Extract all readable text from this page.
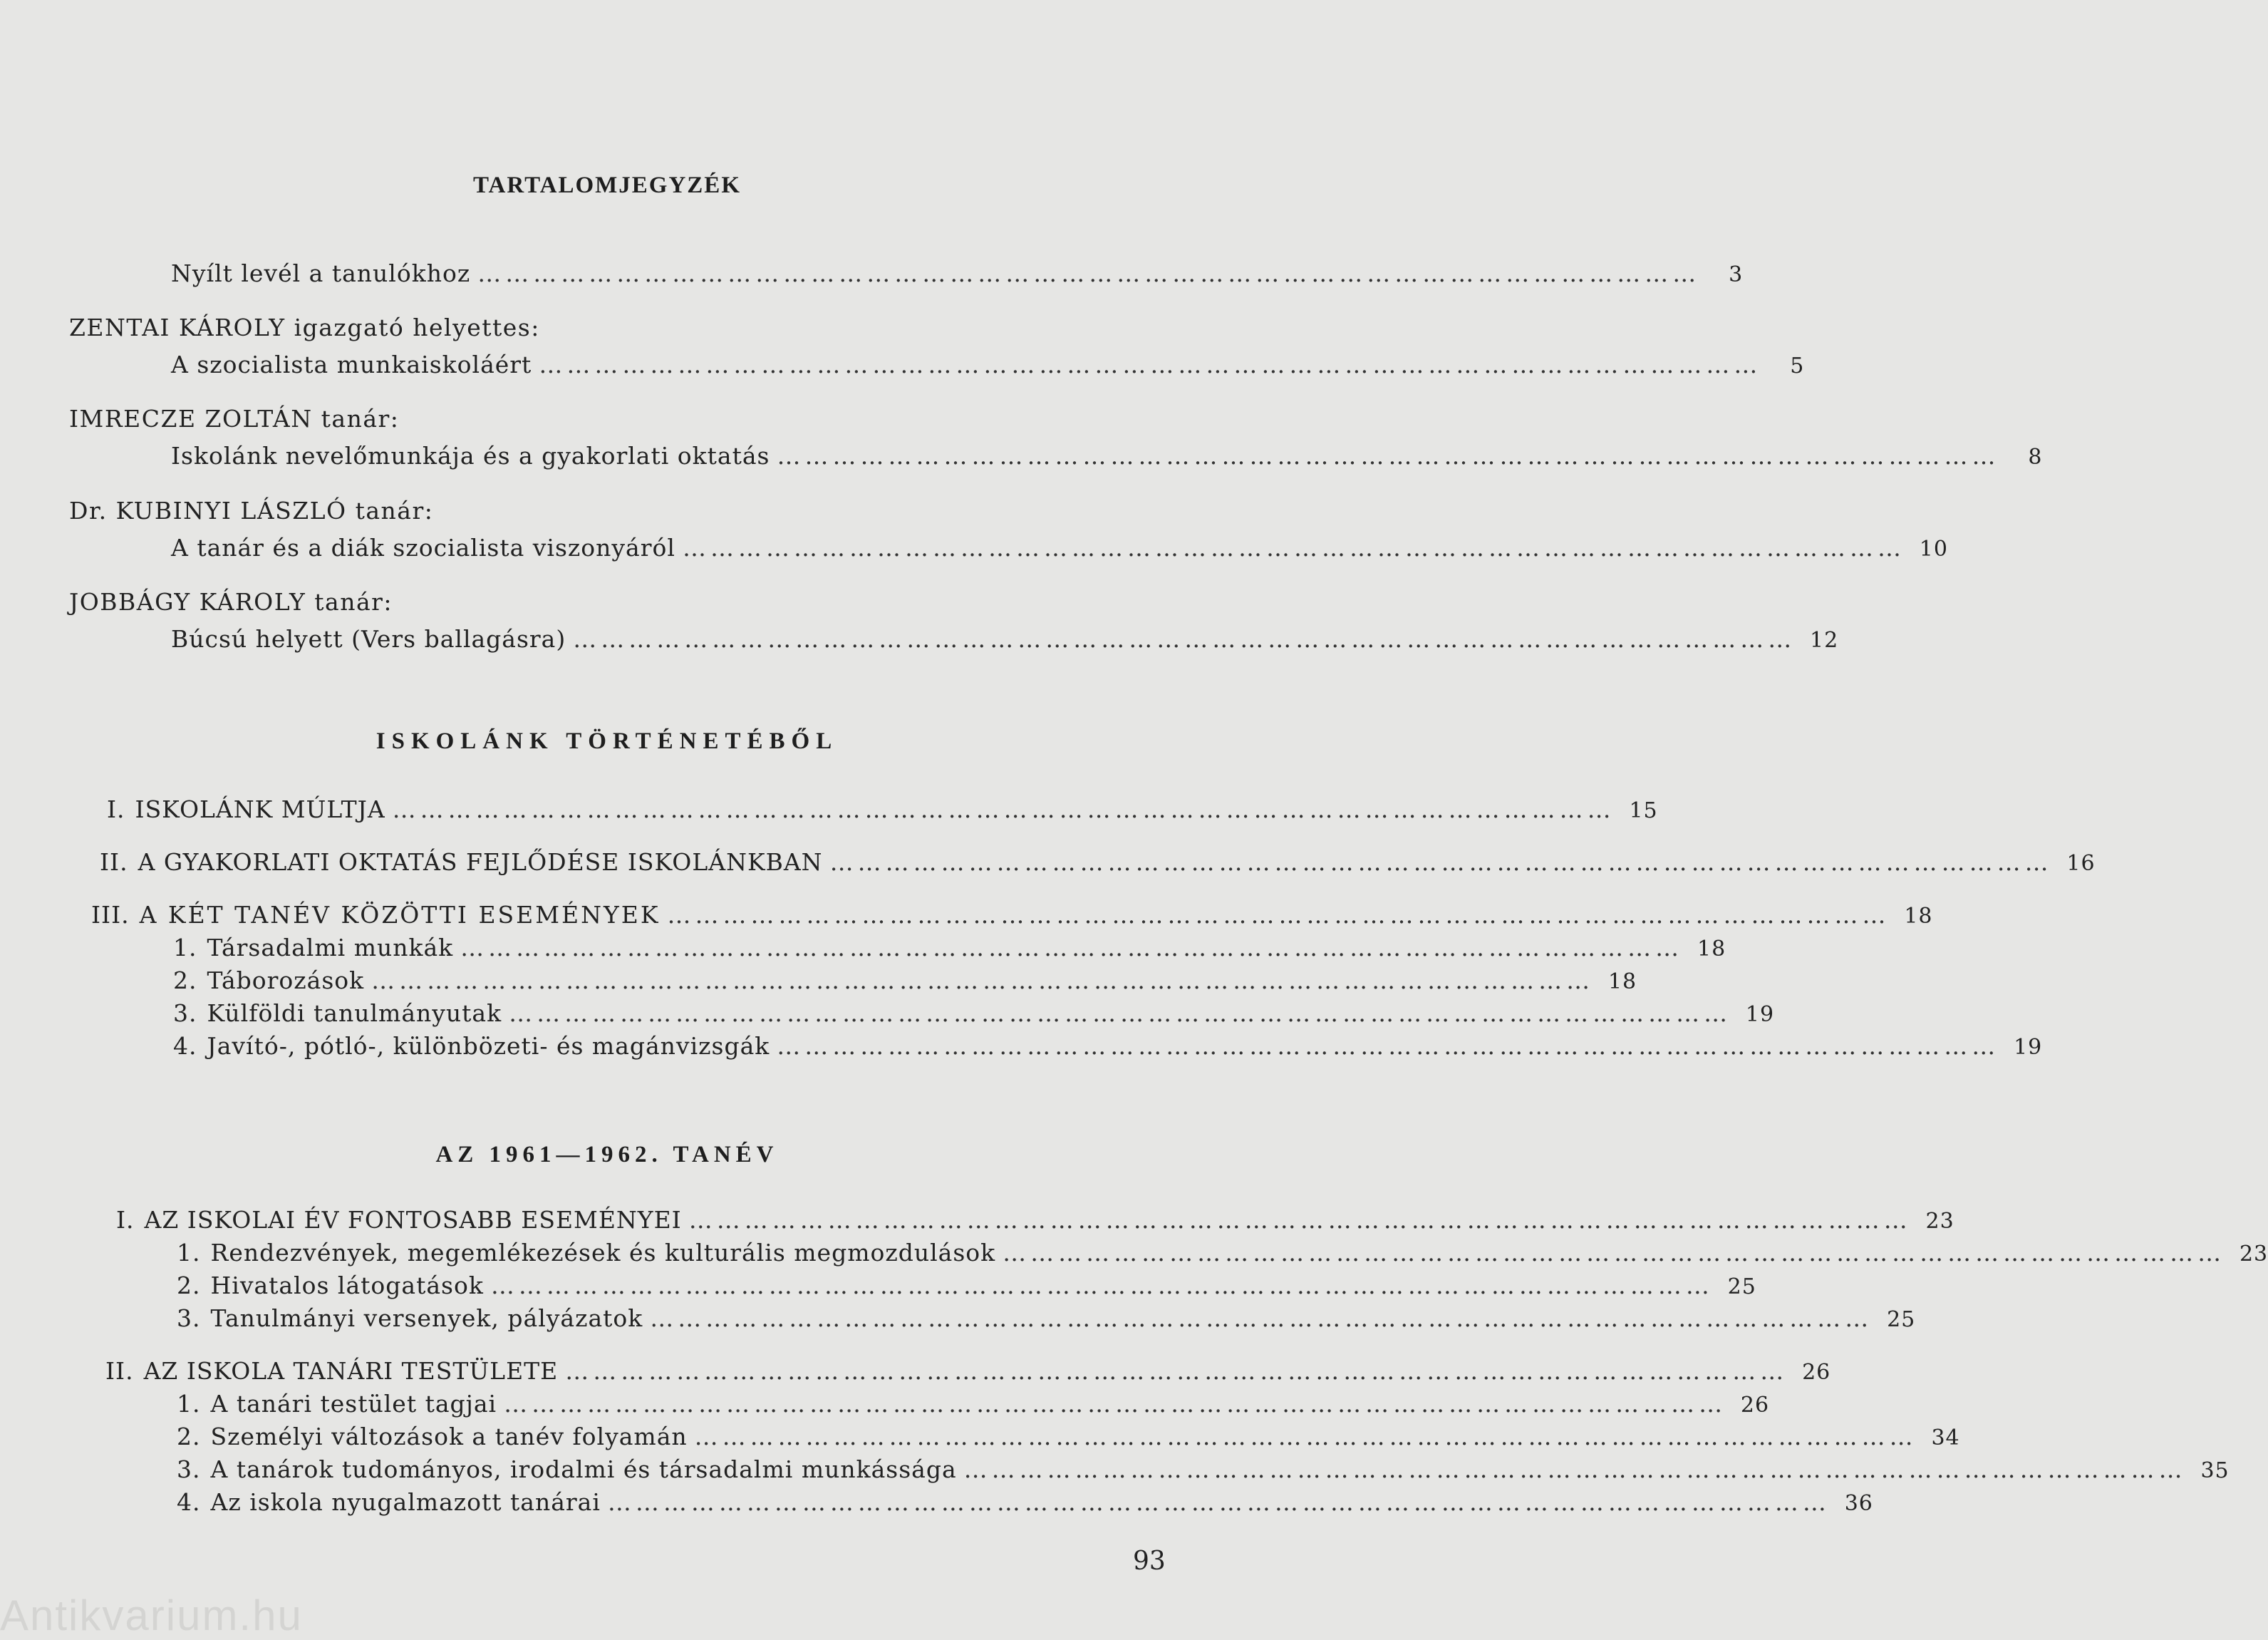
TARTALOMJEGYZÉK
Nyílt levél a tanulókhoz ……………………………………………………………………………………………………………………	3
ZENTAI KÁROLY igazgató helyettes:
A szocialista munkaiskoláért ……………………………………………………………………………………………………………………	5
IMRECZE ZOLTÁN tanár:
Iskolánk nevelőmunkája és a gyakorlati oktatás ……………………………………………………………………………………………………………………	8
Dr. KUBINYI LÁSZLÓ tanár:
A tanár és a diák szocialista viszonyáról …………………………………………………………………………………………………………………… 10
JOBBÁGY KÁROLY tanár:
Búcsú helyett (Vers ballagásra) …………………………………………………………………………………………………………………… 12
ISKOLÁNK TÖRTÉNETÉBŐL
I. ISKOLÁNK MÚLTJA …………………………………………………………………………………………………………………… 15
II. A GYAKORLATI OKTATÁS FEJLŐDÉSE ISKOLÁNKBAN …………………………………………………………………………………………………………………… 16
III. A KÉT TANÉV KÖZÖTTI ESEMÉNYEK …………………………………………………………………………………………………………………… 18
1. Társadalmi munkák …………………………………………………………………………………………………………………… 18
2. Táborozások …………………………………………………………………………………………………………………… 18
3. Külföldi tanulmányutak …………………………………………………………………………………………………………………… 19
4. Javító-, pótló-, különbözeti- és magánvizsgák …………………………………………………………………………………………………………………… 19
AZ 1961—1962. TANÉV
I. AZ ISKOLAI ÉV FONTOSABB ESEMÉNYEI …………………………………………………………………………………………………………………… 23
1. Rendezvények, megemlékezések és kulturális megmozdulások …………………………………………………………………………………………………………………… 23
2. Hivatalos látogatások …………………………………………………………………………………………………………………… 25
3. Tanulmányi versenyek, pályázatok …………………………………………………………………………………………………………………… 25
II. AZ ISKOLA TANÁRI TESTÜLETE …………………………………………………………………………………………………………………… 26
1. A tanári testület tagjai …………………………………………………………………………………………………………………… 26
2. Személyi változások a tanév folyamán …………………………………………………………………………………………………………………… 34
3. A tanárok tudományos, irodalmi és társadalmi munkássága …………………………………………………………………………………………………………………… 35
4. Az iskola nyugalmazott tanárai …………………………………………………………………………………………………………………… 36
93
Antikvarium.hu
